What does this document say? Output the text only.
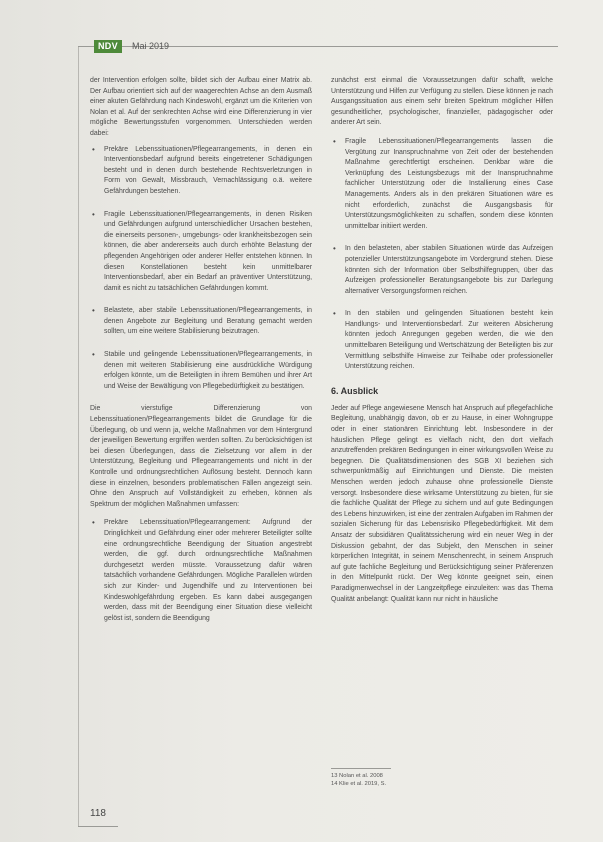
NDV	Mai 2019

der Intervention erfolgen sollte, bildet sich der Aufbau einer Matrix ab. Der Aufbau orientiert sich auf der waagerechten Achse an dem Ausmaß einer akuten Gefährdung nach Kindeswohl, ergänzt um die Kriterien von Nolan et al. Auf der senkrechten Achse wird eine Differenzierung in vier mögliche Bewertungsstufen vorgenommen. Unterschieden werden dabei:

• Prekäre Lebenssituationen/Pflegearrangements, in denen ein Interventionsbedarf aufgrund bereits eingetretener Schädigungen besteht und in denen durch bestehende Rechtsverletzungen in Form von Gewalt, Missbrauch, Vernachlässigung o.ä. weitere Gefährdungen bestehen.
• Fragile Lebenssituationen/Pflegearrangements, in denen Risiken und Gefährdungen aufgrund unterschiedlicher Ursachen bestehen, die einerseits personen-, umgebungs- oder krankheitsbezogen sein können, die aber andererseits auch durch erhöhte Belastung der pflegenden Angehörigen oder anderer Helfer entstehen können. In diesen Konstellationen besteht kein unmittelbarer Interventionsbedarf, aber ein Bedarf an präventiver Unterstützung, damit es nicht zu tatsächlichen Gefährdungen kommt.
• Belastete, aber stabile Lebenssituationen/Pflegearrangements, in denen Angebote zur Begleitung und Beratung gemacht werden sollten, um eine weitere Stabilisierung beizutragen.
• Stabile und gelingende Lebenssituationen/Pflegearrangements, in denen mit weiteren Stabilisierung eine ausdrückliche Würdigung erfolgen könnte, um die Beteiligten in ihrem Bemühen und ihrer Art und Weise der Bewältigung von Pflegebedürftigkeit zu bestätigen.

Die vierstufige Differenzierung von Lebenssituationen/Pflegearrangements bildet die Grundlage für die Überlegung, ob und wenn ja, welche Maßnahmen vor dem Hintergrund der jeweiligen Bewertung ergriffen werden sollten. Zu berücksichtigen ist bei diesen Überlegungen, dass die Zielsetzung vor allem in der Unterstützung, Begleitung und Pflegearrangements und nicht in der Kontrolle und ordnungsrechtlichen Auflösung besteht. Dennoch kann diese in einzelnen, besonders problematischen Fällen angezeigt sein. Ohne den Anspruch auf Vollständigkeit zu erheben, können als Spektrum der möglichen Maßnahmen umfassen:

• Prekäre Lebenssituation/Pflegearrangement: Aufgrund der Dringlichkeit und Gefährdung einer oder mehrerer Beteiligter sollte eine ordnungsrechtliche Beendigung der Situation angestrebt werden, die ggf. durch ordnungsrechtliche Maßnahmen durchgesetzt werden müsste. Voraussetzung dafür wären tatsächlich vorhandene Gefährdungen. Mögliche Parallelen würden sich zur Kinder- und Jugendhilfe und zu Interventionen bei Kindeswohlgefährdung ergeben. Es kann dabei ausgegangen werden, dass mit der Beendigung einer Situation diese vielleicht gelöst ist, sondern die Beendigung

zunächst erst einmal die Voraussetzungen dafür schafft, welche Unterstützung und Hilfen zur Verfügung zu stellen. Diese können je nach Ausgangssituation aus einem sehr breiten Spektrum möglicher Hilfen gesundheitlicher, psychologischer, finanzieller, pädagogischer oder anderer Art sein.

• Fragile Lebenssituationen/Pflegearrangements lassen die Vergütung zur Inanspruchnahme von Zeit oder der bestehenden Maßnahme gerechtfertigt erscheinen. Denkbar wäre die Verknüpfung des Leistungsbezugs mit der Inanspruchnahme fachlicher Unterstützung oder die Installierung eines Case Managements. Anders als in den prekären Situationen wäre es nicht erforderlich, zunächst die Ausgangsbasis für Unterstützungsmöglichkeiten zu schaffen, sondern diese könnten unmittelbar initiiert werden.
• In den belasteten, aber stabilen Situationen würde das Aufzeigen potenzieller Unterstützungsangebote im Vordergrund stehen. Diese könnten sich der Information über Selbsthilfegruppen, über das Aufzeigen professioneller Beratungsangebote bis zur Darlegung alternativer Versorgungsformen reichen.
• In den stabilen und gelingenden Situationen besteht kein Handlungs- und Interventionsbedarf. Zur weiteren Absicherung könnten jedoch Anregungen gegeben werden, die wie den unmittelbaren Beteiligung und Wertschätzung der Beteiligten bis zur Vermittlung selbsthilfe Hinweise zur Teilhabe oder professioneller Unterstützung reichen.
6. Ausblick

Jeder auf Pflege angewiesene Mensch hat Anspruch auf pflegefachliche Begleitung, unabhängig davon, ob er zu Hause, in einer Wohngruppe oder in einer stationären Einrichtung lebt. Insbesondere in der häuslichen Pflege gelingt es vielfach nicht, den dort vielfach anzutreffenden prekären Bedingungen in einer wirkungsvollen Weise zu begegnen. Die Qualitätsdimensionen des SGB XI beziehen sich schwerpunktmäßig auf Einrichtungen und Dienste. Die meisten Menschen werden jedoch zuhause ohne professionelle Dienste versorgt. Insbesondere diese wirksame Unterstützung zu bieten, für sie die fachliche Qualität der Pflege zu sichern und auf gute Bedingungen des Lebens hinzuwirken, ist eine der zentralen Aufgaben im Rahmen der sozialen Sicherung für das Lebensrisiko Pflegebedürftigkeit. Mit dem Ansatz der subsidiären Qualitätssicherung wird ein neuer Weg in der Diskussion gebahnt, der das Subjekt, den Menschen in seiner körperlichen Integrität, in seinem Menschenrecht, in seinem Anspruch auf gute fachliche Begleitung und Berücksichtigung seiner Präferenzen in den Mittelpunkt rückt. Der Weg könnte geeignet sein, einen Paradigmenwechsel in der Langzeitpflege einzuleiten: was das Thema Qualität anbelangt: Qualität kann nur nicht in häusliche

13 Nolan et al. 2008
14 Klie et al. 2019, S.
118
